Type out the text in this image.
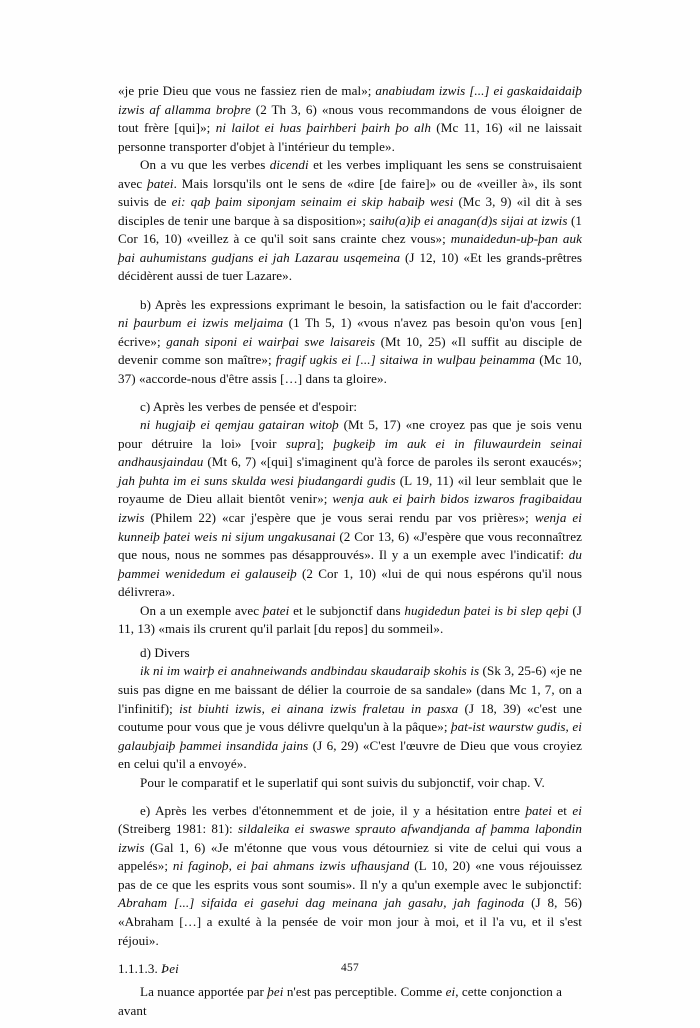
«je prie Dieu que vous ne fassiez rien de mal»; anabiudam izwis [...] ei gaskaidaidaiþ izwis af allamma broþre (2 Th 3, 6) «nous vous recommandons de vous éloigner de tout frère [qui]»; ni lailot ei ƕas þairhberi þairh þo alh (Mc 11, 16) «il ne laissait personne transporter d'objet à l'intérieur du temple».

On a vu que les verbes dicendi et les verbes impliquant les sens se construisaient avec þatei. Mais lorsqu'ils ont le sens de «dire [de faire]» ou de «veiller à», ils sont suivis de ei: qaþ þaim siponjam seinaim ei skip habaiþ wesi (Mc 3, 9) «il dit à ses disciples de tenir une barque à sa disposition»; saiƕ(a)iþ ei anagan(d)s sijai at izwis (1 Cor 16, 10) «veillez à ce qu'il soit sans crainte chez vous»; munaidedun-uþ-þan auk þai auhumistans gudjans ei jah Lazarau usqemeina (J 12, 10) «Et les grands-prêtres décidèrent aussi de tuer Lazare».

b) Après les expressions exprimant le besoin, la satisfaction ou le fait d'accorder: ni þaurbum ei izwis meljaima (1 Th 5, 1) «vous n'avez pas besoin qu'on vous [en] écrive»; ganah siponi ei wairþai swe laisareis (Mt 10, 25) «Il suffit au disciple de devenir comme son maître»; fragif ugkis ei [...] sitaiwa in wulþau þeinamma (Mc 10, 37) «accorde-nous d'être assis […] dans ta gloire».

c) Après les verbes de pensée et d'espoir:

ni hugjaiþ ei qemjau gatairan witoþ (Mt 5, 17) «ne croyez pas que je sois venu pour détruire la loi» [voir supra]; þugkeiþ im auk ei in filuwaurdein seinai andhausjaindau (Mt 6, 7) «[qui] s'imaginent qu'à force de paroles ils seront exaucés»; jah þuhta im ei suns skulda wesi þiudangardi gudis (L 19, 11) «il leur semblait que le royaume de Dieu allait bientôt venir»; wenja auk ei þairh bidos izwaros fragibaidau izwis (Philem 22) «car j'espère que je vous serai rendu par vos prières»; wenja ei kunneiþ þatei weis ni sijum ungakusanai (2 Cor 13, 6) «J'espère que vous reconnaîtrez que nous, nous ne sommes pas désapprouvés». Il y a un exemple avec l'indicatif: du þammei wenidedum ei galauseiþ (2 Cor 1, 10) «lui de qui nous espérons qu'il nous délivrera».

On a un exemple avec þatei et le subjonctif dans hugidedun þatei is bi slep qeþi (J 11, 13) «mais ils crurent qu'il parlait [du repos] du sommeil».

d) Divers

ik ni im wairþ ei anahneiwands andbindau skaudaraiþ skohis is (Sk 3, 25-6) «je ne suis pas digne en me baissant de délier la courroie de sa sandale» (dans Mc 1, 7, on a l'infinitif); ist biuhti izwis, ei ainana izwis fraletau in pasxa (J 18, 39) «c'est une coutume pour vous que je vous délivre quelqu'un à la pâque»; þat-ist waurstw gudis, ei galaubjaiþ þammei insandida jains (J 6, 29) «C'est l'œuvre de Dieu que vous croyiez en celui qu'il a envoyé».

Pour le comparatif et le superlatif qui sont suivis du subjonctif, voir chap. V.

e) Après les verbes d'étonnemment et de joie, il y a hésitation entre þatei et ei (Streiberg 1981: 81): sildaleika ei swaswe sprauto afwandjanda af þamma laþondin izwis (Gal 1, 6) «Je m'étonne que vous vous détourniez si vite de celui qui vous a appelés»; ni faginoþ, ei þai ahmans izwis ufhausjand (L 10, 20) «ne vous réjouissez pas de ce que les esprits vous sont soumis». Il n'y a qu'un exemple avec le subjonctif: Abraham [...] sifaida ei gaseƕi dag meinana jah gasaƕ, jah faginoda (J 8, 56) «Abraham […] a exulté à la pensée de voir mon jour à moi, et il l'a vu, et il s'est réjoui».

1.1.1.3. Þei

La nuance apportée par þei n'est pas perceptible. Comme ei, cette conjonction a avant

457
